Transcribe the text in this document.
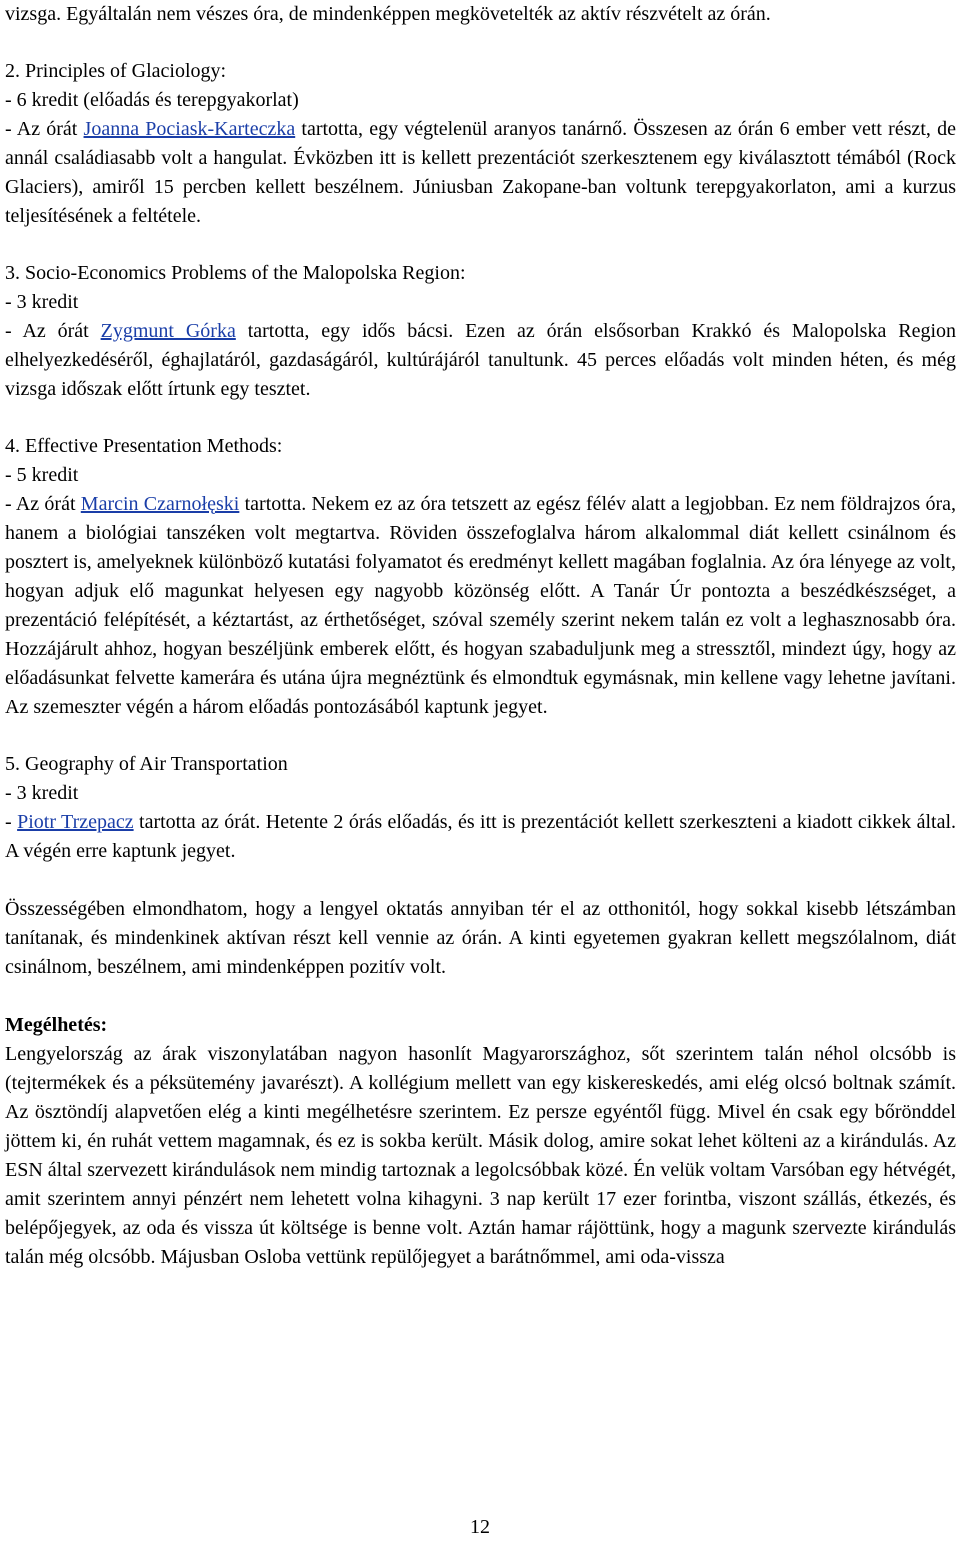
vizsga. Egyáltalán nem vészes óra, de mindenképpen megkövetelték az aktív részvételt az órán.

2. Principles of Glaciology:

- 6 kredit (előadás és terepgyakorlat)

- Az órát Joanna Pociask-Karteczka tartotta, egy végtelenül aranyos tanárnő. Összesen az órán 6 ember vett részt, de annál családiasabb volt a hangulat. Évközben itt is kellett prezentációt szerkesztenem egy kiválasztott témából (Rock Glaciers), amiről 15 percben kellett beszélnem. Júniusban Zakopane-ban voltunk terepgyakorlaton, ami a kurzus teljesítésének a feltétele.

3. Socio-Economics Problems of the Malopolska Region:

- 3 kredit

- Az órát Zygmunt Górka tartotta, egy idős bácsi. Ezen az órán elsősorban Krakkó és Malopolska Region elhelyezkedéséről, éghajlatáról, gazdaságáról, kultúrájáról tanultunk. 45 perces előadás volt minden héten, és még vizsga időszak előtt írtunk egy tesztet.

4. Effective Presentation Methods:

- 5 kredit

- Az órát Marcin Czarnołęski tartotta. Nekem ez az óra tetszett az egész félév alatt a legjobban. Ez nem földrajzos óra, hanem a biológiai tanszéken volt megtartva. Röviden összefoglalva három alkalommal diát kellett csinálnom és posztert is, amelyeknek különböző kutatási folyamatot és eredményt kellett magában foglalnia. Az óra lényege az volt, hogyan adjuk elő magunkat helyesen egy nagyobb közönség előtt. A Tanár Úr pontozta a beszédkészséget, a prezentáció felépítését, a kéztartást, az érthetőséget, szóval személy szerint nekem talán ez volt a leghasznosabb óra. Hozzájárult ahhoz, hogyan beszéljünk emberek előtt, és hogyan szabaduljunk meg a stressztől, mindezt úgy, hogy az előadásunkat felvette kamerára és utána újra megnéztünk és elmondtuk egymásnak, min kellene vagy lehetne javítani. Az szemeszter végén a három előadás pontozásából kaptunk jegyet.

5. Geography of Air Transportation

- 3 kredit

- Piotr Trzepacz tartotta az órát. Hetente 2 órás előadás, és itt is prezentációt kellett szerkeszteni a kiadott cikkek által. A végén erre kaptunk jegyet.

Összességében elmondhatom, hogy a lengyel oktatás annyiban tér el az otthonitól, hogy sokkal kisebb létszámban tanítanak, és mindenkinek aktívan részt kell vennie az órán. A kinti egyetemen gyakran kellett megszólalnom, diát csinálnom, beszélnem, ami mindenképpen pozitív volt.

Megélhetés:

Lengyelország az árak viszonylatában nagyon hasonlít Magyarországhoz, sőt szerintem talán néhol olcsóbb is (tejtermékek és a péksütemény javarészt). A kollégium mellett van egy kiskereskedés, ami elég olcsó boltnak számít. Az ösztöndíj alapvetően elég a kinti megélhetésre szerintem. Ez persze egyéntől függ. Mivel én csak egy bőrönddel jöttem ki, én ruhát vettem magamnak, és ez is sokba került. Másik dolog, amire sokat lehet költeni az a kirándulás. Az ESN által szervezett kirándulások nem mindig tartoznak a legolcsóbbak közé. Én velük voltam Varsóban egy hétvégét, amit szerintem annyi pénzért nem lehetett volna kihagyni. 3 nap került 17 ezer forintba, viszont szállás, étkezés, és belépőjegyek, az oda és vissza út költsége is benne volt. Aztán hamar rájöttünk, hogy a magunk szervezte kirándulás talán még olcsóbb. Májusban Osloba vettünk repülőjegyet a barátnőmmel, ami oda-vissza

12
